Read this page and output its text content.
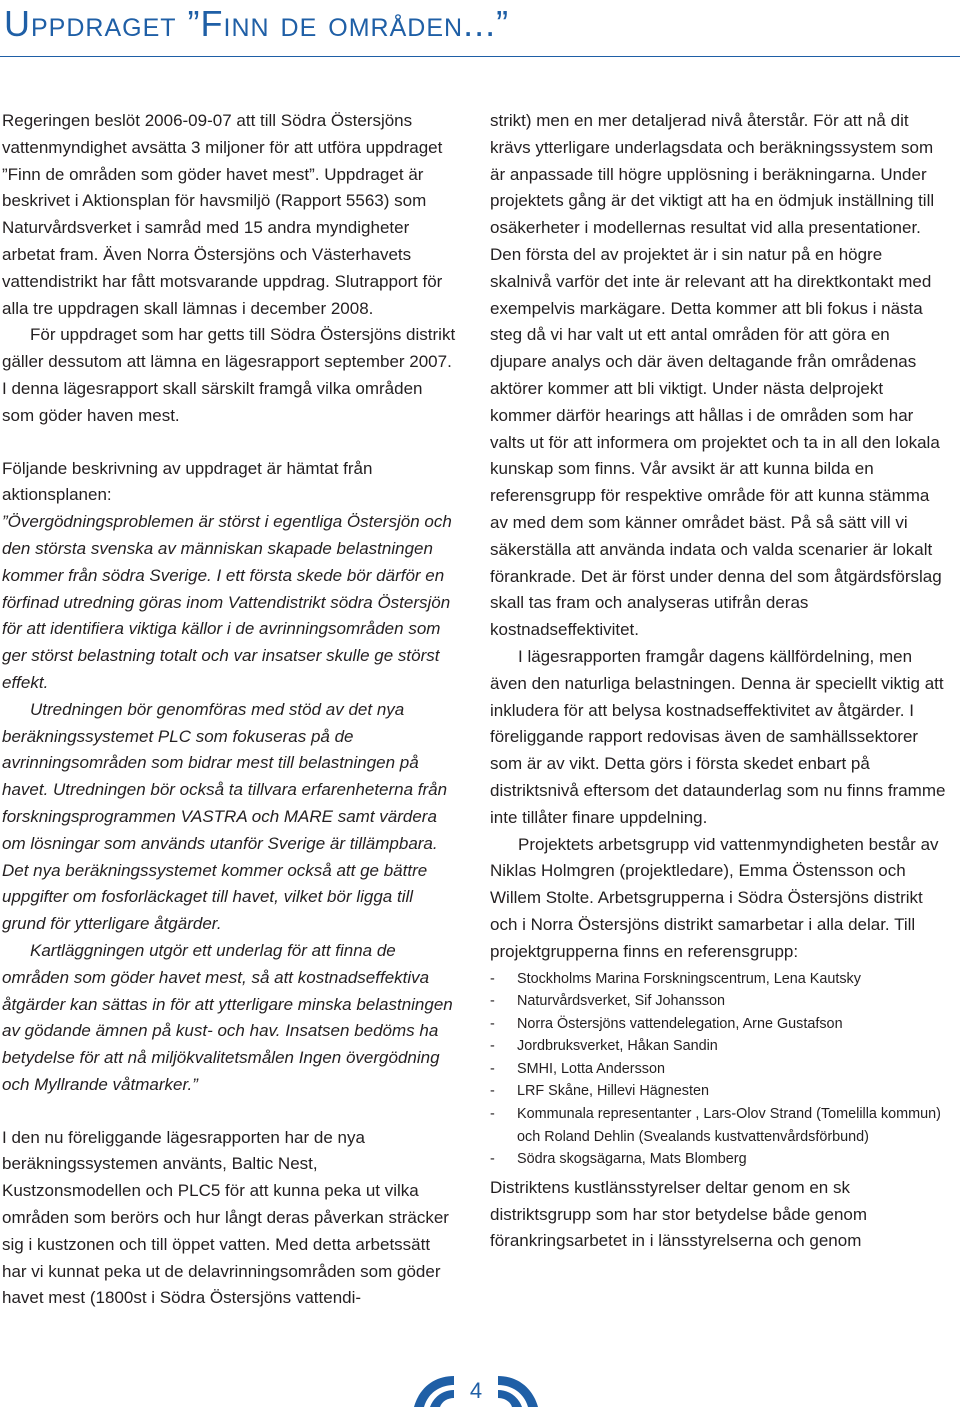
Uppdraget ”Finn de områden...”

Regeringen beslöt 2006-09-07 att till Södra Östersjöns vattenmyndighet avsätta 3 miljoner för att utföra uppdraget ”Finn de områden som göder havet mest”. Uppdraget är beskrivet i Aktionsplan för havsmiljö (Rapport 5563) som Naturvårdsverket i samråd med 15 andra myndigheter arbetat fram. Även Norra Östersjöns och Västerhavets vattendistrikt har fått motsvarande uppdrag. Slutrapport för alla tre uppdragen skall lämnas i december 2008.

För uppdraget som har getts till Södra Östersjöns distrikt gäller dessutom att lämna en lägesrapport september 2007. I denna lägesrapport skall särskilt framgå vilka områden som göder haven mest.

Följande beskrivning av uppdraget är hämtat från aktionsplanen:

”Övergödningsproblemen är störst i egentliga Östersjön och den största svenska av människan skapade belastningen kommer från södra Sverige. I ett första skede bör därför en förfinad utredning göras inom Vattendistrikt södra Östersjön för att identifiera viktiga källor i de avrinningsområden som ger störst belastning totalt och var insatser skulle ge störst effekt.

Utredningen bör genomföras med stöd av det nya beräkningssystemet PLC som fokuseras på de avrinningsområden som bidrar mest till belastningen på havet. Utredningen bör också ta tillvara erfarenheterna från forskningsprogrammen VASTRA och MARE samt värdera om lösningar som används utanför Sverige är tillämpbara. Det nya beräkningssystemet kommer också att ge bättre uppgifter om fosforläckaget till havet, vilket bör ligga till grund för ytterligare åtgärder.

Kartläggningen utgör ett underlag för att finna de områden som göder havet mest, så att kostnadseffektiva åtgärder kan sättas in för att ytterligare minska belastningen av gödande ämnen på kust- och hav. Insatsen bedöms ha betydelse för att nå miljökvalitetsmålen Ingen övergödning och Myllrande våtmarker.”

I den nu föreliggande lägesrapporten har de nya beräkningssystemen använts, Baltic Nest, Kustzonsmodellen och PLC5 för att kunna peka ut vilka områden som berörs och hur långt deras påverkan sträcker sig i kustzonen och till öppet vatten. Med detta arbetssätt har vi kunnat peka ut de delavrinningsområden som göder havet mest (1800st i Södra Östersjöns vattendi-

strikt) men en mer detaljerad nivå återstår. För att nå dit krävs ytterligare underlagsdata och beräkningssystem som är anpassade till högre upplösning i beräkningarna. Under projektets gång är det viktigt att ha en ödmjuk inställning till osäkerheter i modellernas resultat vid alla presentationer. Den första del av projektet är i sin natur på en högre skalnivå varför det inte är relevant att ha direktkontakt med exempelvis markägare. Detta kommer att bli fokus i nästa steg då vi har valt ut ett antal områden för att göra en djupare analys och där även deltagande från områdenas aktörer kommer att bli viktigt. Under nästa delprojekt kommer därför hearings att hållas i de områden som har valts ut för att informera om projektet och ta in all den lokala kunskap som finns. Vår avsikt är att kunna bilda en referensgrupp för respektive område för att kunna stämma av med dem som känner området bäst. På så sätt vill vi säkerställa att använda indata och valda scenarier är lokalt förankrade. Det är först under denna del som åtgärdsförslag skall tas fram och analyseras utifrån deras kostnadseffektivitet.

I lägesrapporten framgår dagens källfördelning, men även den naturliga belastningen. Denna är speciellt viktig att inkludera för att belysa kostnadseffektivitet av åtgärder. I föreliggande rapport redovisas även de samhällssektorer som är av vikt. Detta görs i första skedet enbart på distriktsnivå eftersom det dataunderlag som nu finns framme inte tillåter finare uppdelning.

Projektets arbetsgrupp vid vattenmyndigheten består av Niklas Holmgren (projektledare), Emma Östensson och Willem Stolte. Arbetsgrupperna i Södra Östersjöns distrikt och i Norra Östersjöns distrikt samarbetar i alla delar. Till projektgrupperna finns en referensgrupp:

- Stockholms Marina Forskningscentrum, Lena Kautsky
- Naturvårdsverket, Sif Johansson
- Norra Östersjöns vattendelegation, Arne Gustafson
- Jordbruksverket, Håkan Sandin
- SMHI, Lotta Andersson
- LRF Skåne, Hillevi Hägnesten
- Kommunala representanter , Lars-Olov Strand (Tomelilla kommun) och Roland Dehlin (Svealands kustvattenvårdsförbund)
- Södra skogsägarna, Mats Blomberg

Distriktens kustlänsstyrelser deltar genom en sk distriktsgrupp som har stor betydelse både genom förankringsarbetet in i länsstyrelserna och genom

4
